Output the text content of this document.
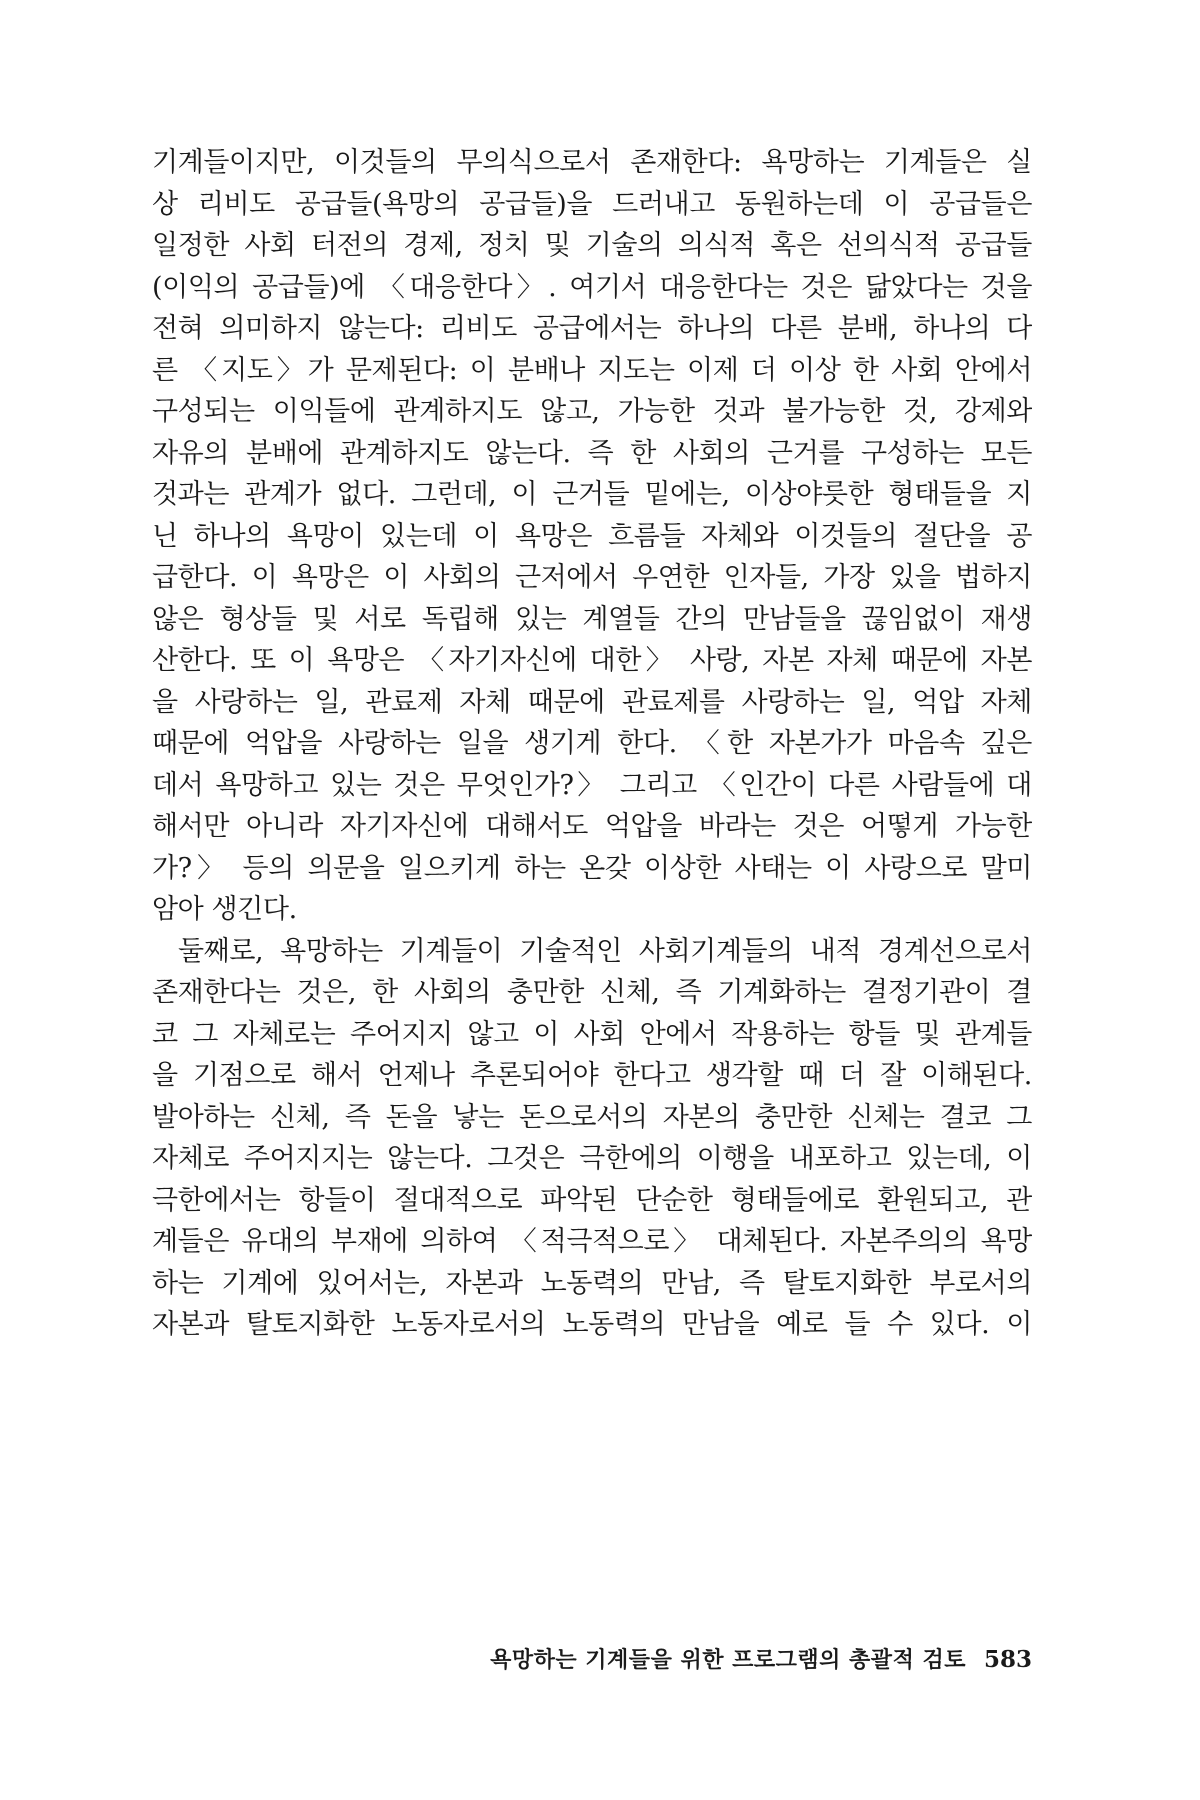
기계들이지만, 이것들의 무의식으로서 존재한다: 욕망하는 기계들은 실
상 리비도 공급들(욕망의 공급들)을 드러내고 동원하는데 이 공급들은
일정한 사회 터전의 경제, 정치 및 기술의 의식적 혹은 선의식적 공급들
(이익의 공급들)에 〈대응한다〉. 여기서 대응한다는 것은 닮았다는 것을
전혀 의미하지 않는다: 리비도 공급에서는 하나의 다른 분배, 하나의 다
른 〈지도〉가 문제된다: 이 분배나 지도는 이제 더 이상 한 사회 안에서
구성되는 이익들에 관계하지도 않고, 가능한 것과 불가능한 것, 강제와
자유의 분배에 관계하지도 않는다. 즉 한 사회의 근거를 구성하는 모든
것과는 관계가 없다. 그런데, 이 근거들 밑에는, 이상야릇한 형태들을 지
닌 하나의 욕망이 있는데 이 욕망은 흐름들 자체와 이것들의 절단을 공
급한다. 이 욕망은 이 사회의 근저에서 우연한 인자들, 가장 있을 법하지
않은 형상들 및 서로 독립해 있는 계열들 간의 만남들을 끊임없이 재생
산한다. 또 이 욕망은 〈자기자신에 대한〉 사랑, 자본 자체 때문에 자본
을 사랑하는 일, 관료제 자체 때문에 관료제를 사랑하는 일, 억압 자체
때문에 억압을 사랑하는 일을 생기게 한다. 〈한 자본가가 마음속 깊은
데서 욕망하고 있는 것은 무엇인가?〉 그리고 〈인간이 다른 사람들에 대
해서만 아니라 자기자신에 대해서도 억압을 바라는 것은 어떻게 가능한
가?〉 등의 의문을 일으키게 하는 온갖 이상한 사태는 이 사랑으로 말미
암아 생긴다.
둘째로, 욕망하는 기계들이 기술적인 사회기계들의 내적 경계선으로서
존재한다는 것은, 한 사회의 충만한 신체, 즉 기계화하는 결정기관이 결
코 그 자체로는 주어지지 않고 이 사회 안에서 작용하는 항들 및 관계들
을 기점으로 해서 언제나 추론되어야 한다고 생각할 때 더 잘 이해된다.
발아하는 신체, 즉 돈을 낳는 돈으로서의 자본의 충만한 신체는 결코 그
자체로 주어지지는 않는다. 그것은 극한에의 이행을 내포하고 있는데, 이
극한에서는 항들이 절대적으로 파악된 단순한 형태들에로 환원되고, 관
계들은 유대의 부재에 의하여 〈적극적으로〉 대체된다. 자본주의의 욕망
하는 기계에 있어서는, 자본과 노동력의 만남, 즉 탈토지화한 부로서의
자본과 탈토지화한 노동자로서의 노동력의 만남을 예로 들 수 있다. 이
욕망하는 기계들을 위한 프로그램의 총괄적 검토 583
